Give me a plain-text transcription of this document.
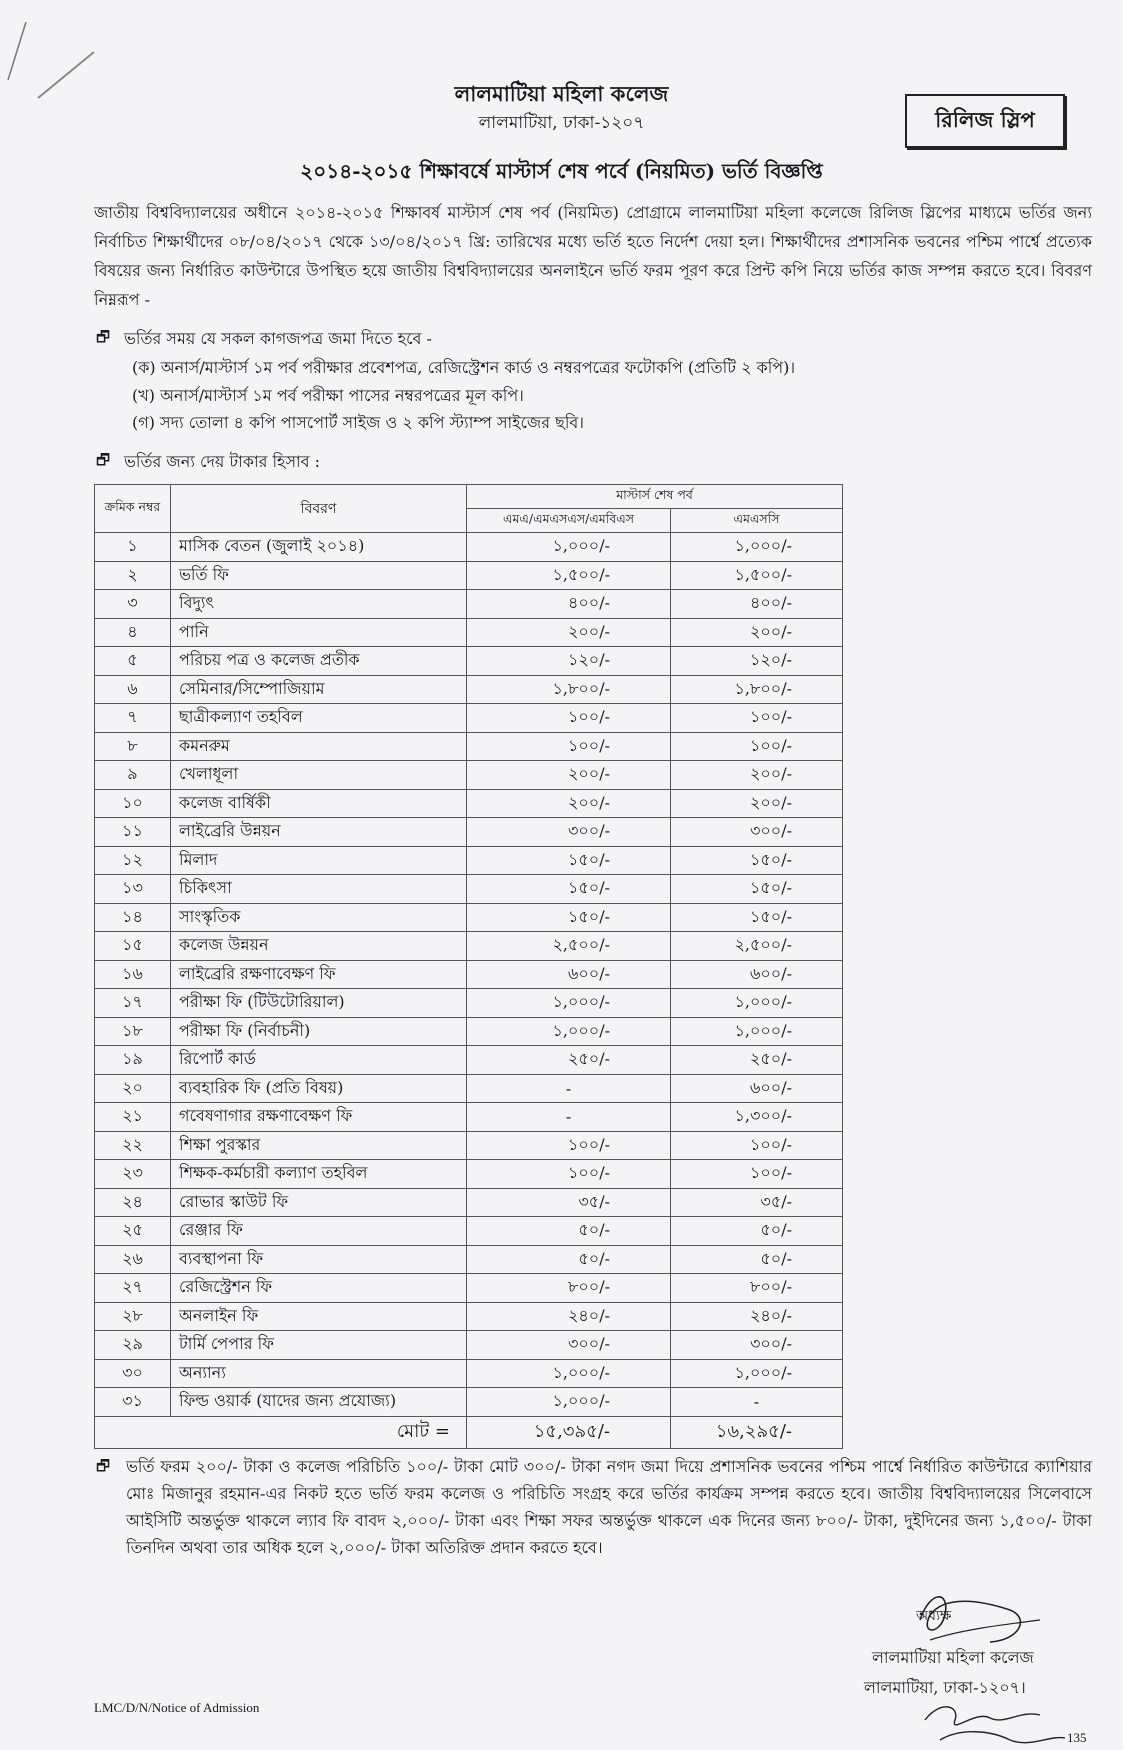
লালমাটিয়া মহিলা কলেজ
লালমাটিয়া, ঢাকা-১২০৭	রিলিজ স্লিপ
২০১৪-২০১৫ শিক্ষাবর্ষে মাস্টার্স শেষ পর্বে (নিয়মিত) ভর্তি বিজ্ঞপ্তি
জাতীয় বিশ্ববিদ্যালয়ের অধীনে ২০১৪-২০১৫ শিক্ষাবর্ষ মাস্টার্স শেষ পর্ব (নিয়মিত) প্রোগ্রামে লালমাটিয়া মহিলা কলেজে রিলিজ স্লিপের মাধ্যমে ভর্তির জন্য নির্বাচিত শিক্ষার্থীদের ০৮/০৪/২০১৭ থেকে ১৩/০৪/২০১৭ খ্রি: তারিখের মধ্যে ভর্তি হতে নির্দেশ দেয়া হল। শিক্ষার্থীদের প্রশাসনিক ভবনের পশ্চিম পার্শ্বে প্রত্যেক বিষয়ের জন্য নির্ধারিত কাউন্টারে উপস্থিত হয়ে জাতীয় বিশ্ববিদ্যালয়ের অনলাইনে ভর্তি ফরম পূরণ করে প্রিন্ট কপি নিয়ে ভর্তির কাজ সম্পন্ন করতে হবে। বিবরণ নিম্নরূপ -
🗗 ভর্তির সময় যে সকল কাগজপত্র জমা দিতে হবে -
(ক) অনার্স/মাস্টার্স ১ম পর্ব পরীক্ষার প্রবেশপত্র, রেজিস্ট্রেশন কার্ড ও নম্বরপত্রের ফটোকপি (প্রতিটি ২ কপি)।
(খ) অনার্স/মাস্টার্স ১ম পর্ব পরীক্ষা পাসের নম্বরপত্রের মূল কপি।
(গ) সদ্য তোলা ৪ কপি পাসপোর্ট সাইজ ও ২ কপি স্ট্যাম্প সাইজের ছবি।
🗗 ভর্তির জন্য দেয় টাকার হিসাব :
ক্রমিক নম্বর	বিবরণ	মাস্টার্স শেষ পর্ব	
		এমএ/এমএসএস/এমবিএস	এমএসসি
১	মাসিক বেতন (জুলাই ২০১৪)	১,০০০/-	১,০০০/-
২	ভর্তি ফি	১,৫০০/-	১,৫০০/-
৩	বিদ্যুৎ	৪০০/-	৪০০/-
৪	পানি	২০০/-	২০০/-
৫	পরিচয় পত্র ও কলেজ প্রতীক	১২০/-	১২০/-
৬	সেমিনার/সিম্পোজিয়াম	১,৮০০/-	১,৮০০/-
৭	ছাত্রীকল্যাণ তহবিল	১০০/-	১০০/-
৮	কমনরুম	১০০/-	১০০/-
৯	খেলাধূলা	২০০/-	২০০/-
১০	কলেজ বার্ষিকী	২০০/-	২০০/-
১১	লাইব্রেরি উন্নয়ন	৩০০/-	৩০০/-
১২	মিলাদ	১৫০/-	১৫০/-
১৩	চিকিৎসা	১৫০/-	১৫০/-
১৪	সাংস্কৃতিক	১৫০/-	১৫০/-
১৫	কলেজ উন্নয়ন	২,৫০০/-	২,৫০০/-
১৬	লাইব্রেরি রক্ষণাবেক্ষণ ফি	৬০০/-	৬০০/-
১৭	পরীক্ষা ফি (টিউটোরিয়াল)	১,০০০/-	১,০০০/-
১৮	পরীক্ষা ফি (নির্বাচনী)	১,০০০/-	১,০০০/-
১৯	রিপোর্ট কার্ড	২৫০/-	২৫০/-
২০	ব্যবহারিক ফি (প্রতি বিষয়)	-	৬০০/-
২১	গবেষণাগার রক্ষণাবেক্ষণ ফি	-	১,৩০০/-
২২	শিক্ষা পুরস্কার	১০০/-	১০০/-
২৩	শিক্ষক-কর্মচারী কল্যাণ তহবিল	১০০/-	১০০/-
২৪	রোভার স্কাউট ফি	৩৫/-	৩৫/-
২৫	রেঞ্জার ফি	৫০/-	৫০/-
২৬	ব্যবস্থাপনা ফি	৫০/-	৫০/-
২৭	রেজিস্ট্রেশন ফি	৮০০/-	৮০০/-
২৮	অনলাইন ফি	২৪০/-	২৪০/-
২৯	টার্মি পেপার ফি	৩০০/-	৩০০/-
৩০	অন্যান্য	১,০০০/-	১,০০০/-
৩১	ফিল্ড ওয়ার্ক (যাদের জন্য প্রযোজ্য)	১,০০০/-	-
মোট =		১৫,৩৯৫/-	১৬,২৯৫/-
🗗 ভর্তি ফরম ২০০/- টাকা ও কলেজ পরিচিতি ১০০/- টাকা মোট ৩০০/- টাকা নগদ জমা দিয়ে প্রশাসনিক ভবনের পশ্চিম পার্শ্বে নির্ধারিত কাউন্টারে ক্যাশিয়ার মোঃ মিজানুর রহমান-এর নিকট হতে ভর্তি ফরম কলেজ ও পরিচিতি সংগ্রহ করে ভর্তির কার্যক্রম সম্পন্ন করতে হবে। জাতীয় বিশ্ববিদ্যালয়ের সিলেবাসে আইসিটি অন্তর্ভুক্ত থাকলে ল্যাব ফি বাবদ ২,০০০/- টাকা এবং শিক্ষা সফর অন্তর্ভুক্ত থাকলে এক দিনের জন্য ৮০০/- টাকা, দুইদিনের জন্য ১,৫০০/- টাকা তিনদিন অথবা তার অধিক হলে ২,০০০/- টাকা অতিরিক্ত প্রদান করতে হবে।

অধ্যক্ষ
লালমাটিয়া মহিলা কলেজ
লালমাটিয়া, ঢাকা-১২০৭।
LMC/D/N/Notice of Admission
135
